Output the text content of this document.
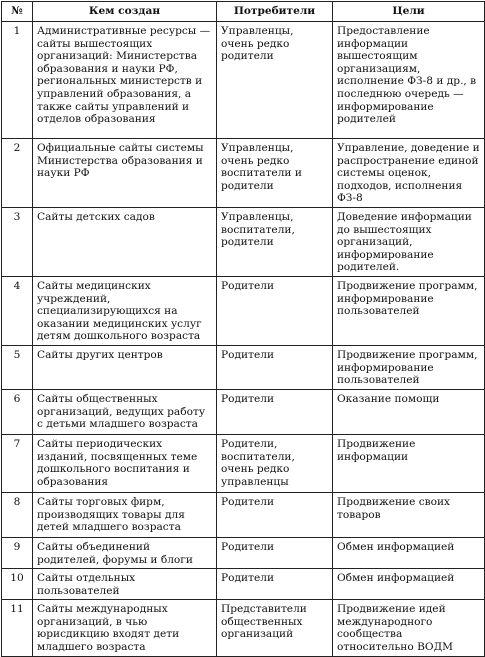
№	Кем создан	Потребители	Цели
1	Административные ресурсы — сайты вышестоящих организаций: Министерства образования и науки РФ, региональных министерств и управлений образования, а также сайты управлений и отделов образования	Управленцы, очень редко родители	Предоставление информации вышестоящим организациям, исполнение ФЗ-8 и др., в последнюю очередь — информирование родителей
2	Официальные сайты системы Министерства образования и науки РФ	Управленцы, очень редко воспитатели и родители	Управление, доведение и распространение единой системы оценок, подходов, исполнения ФЗ-8
3	Сайты детских садов	Управленцы, воспитатели, родители	Доведение информации до вышестоящих организаций, информирование родителей.
4	Сайты медицинских учреждений, специализирующихся на оказании медицинских услуг детям дошкольного возраста	Родители	Продвижение программ, информирование пользователей
5	Сайты других центров	Родители	Продвижение программ, информирование пользователей
6	Сайты общественных организаций, ведущих работу с детьми младшего возраста	Родители	Оказание помощи
7	Сайты периодических изданий, посвященных теме дошкольного воспитания и образования	Родители, воспитатели, очень редко управленцы	Продвижение информации
8	Сайты торговых фирм, производящих товары для детей младшего возраста	Родители	Продвижение своих товаров
9	Сайты объединений родителей, форумы и блоги	Родители	Обмен информацией
10	Сайты отдельных пользователей	Родители	Обмен информацией
11	Сайты международных организаций, в чью юрисдикцию входят дети младшего возраста	Представители общественных организаций	Продвижение идей международного сообщества относительно ВОДМ
